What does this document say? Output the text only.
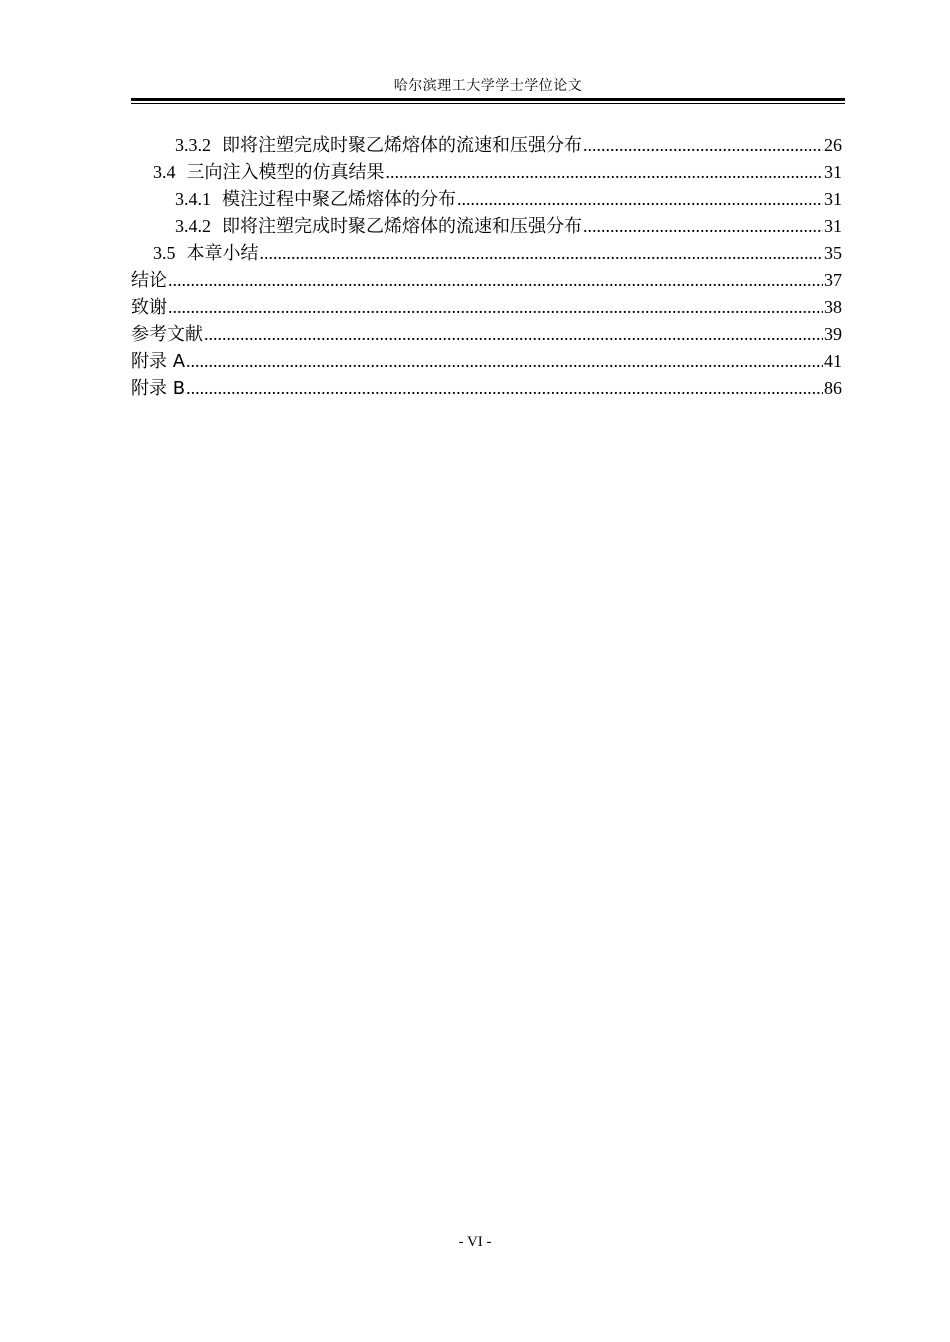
哈尔滨理工大学学士学位论文
3.3.2 即将注塑完成时聚乙烯熔体的流速和压强分布 .....	26
3.4 三向注入模型的仿真结果 .....	31
3.4.1 模注过程中聚乙烯熔体的分布 .....	31
3.4.2 即将注塑完成时聚乙烯熔体的流速和压强分布 .....	31
3.5 本章小结 .....	35
结论 .....	37
致谢 .....	38
参考文献 .....	39
附录 A .....	41
附录 B .....	86
- VI -
